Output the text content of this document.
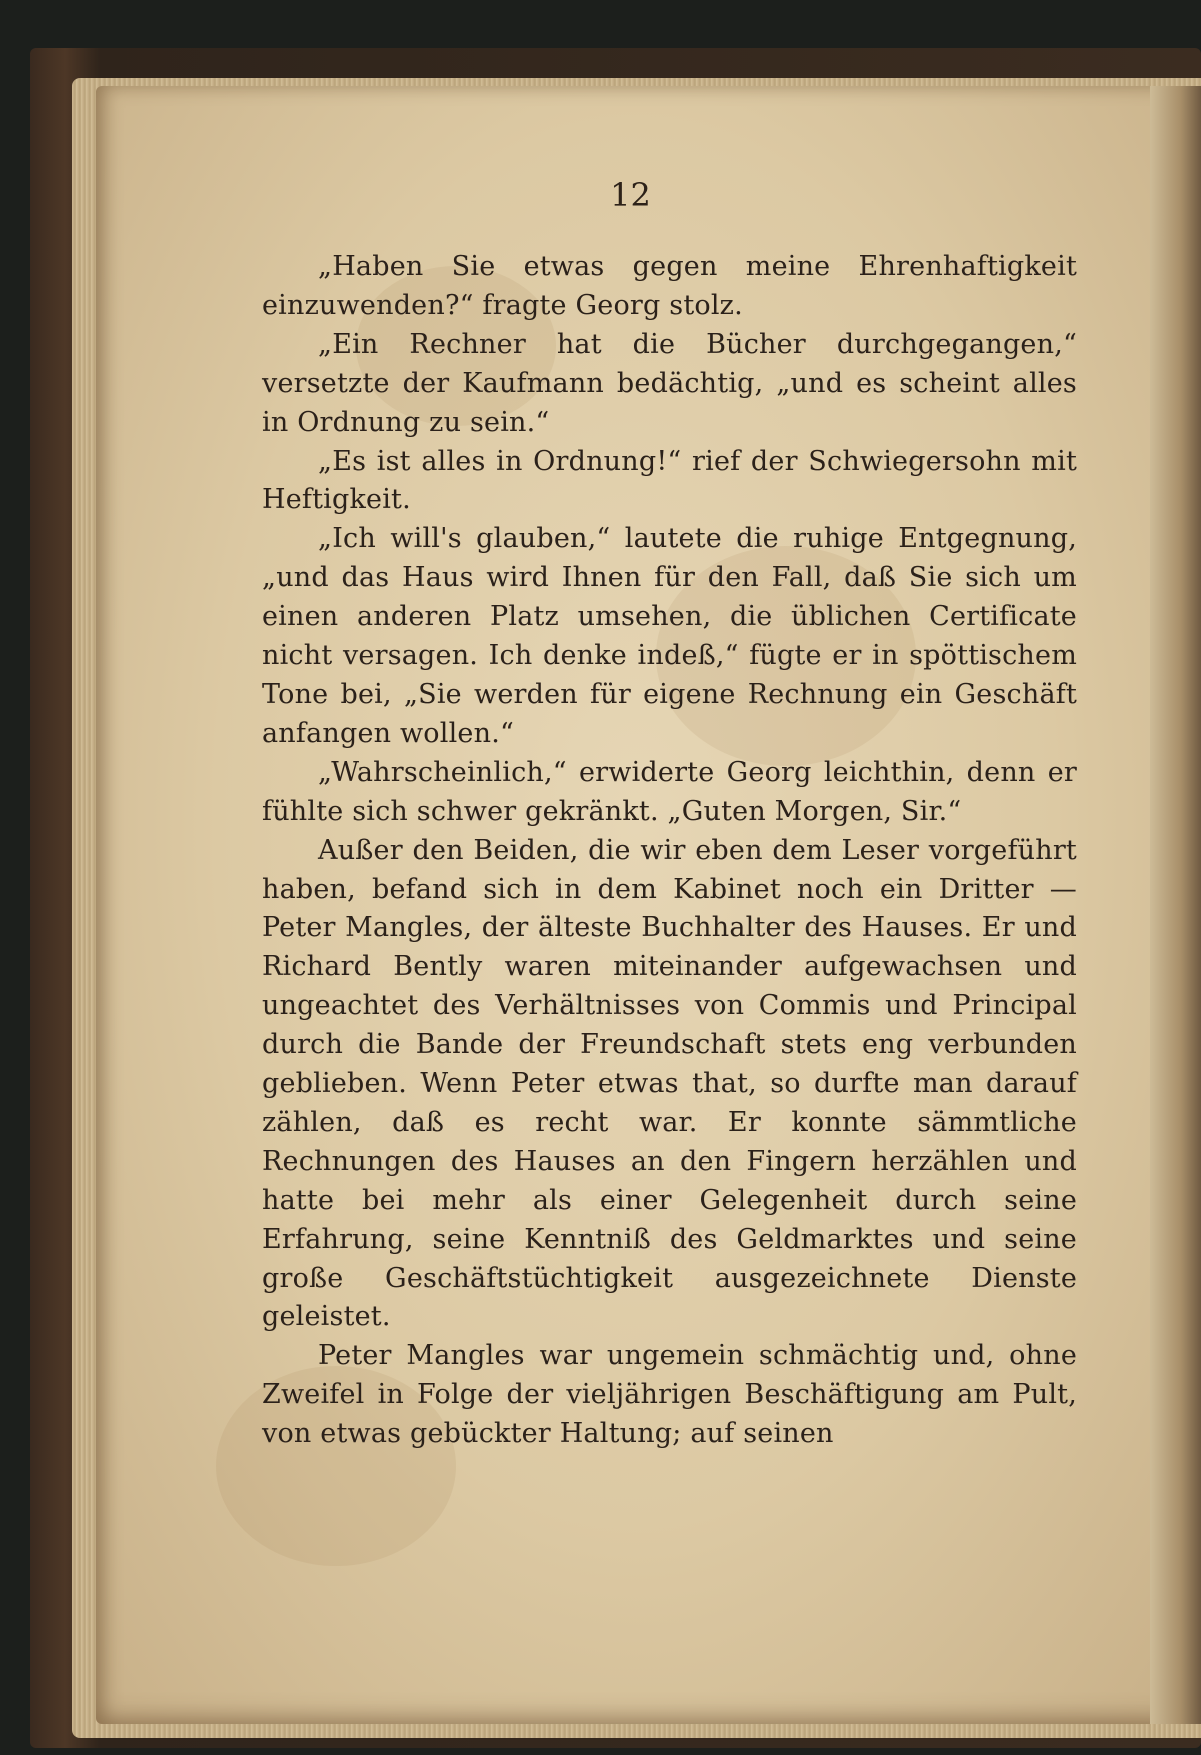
12

„Haben Sie etwas gegen meine Ehrenhaftigkeit einzuwenden?“ fragte Georg stolz.

„Ein Rechner hat die Bücher durchgegangen,“ versetzte der Kaufmann bedächtig, „und es scheint alles in Ordnung zu sein.“

„Es ist alles in Ordnung!“ rief der Schwiegersohn mit Heftigkeit.

„Ich will's glauben,“ lautete die ruhige Entgegnung, „und das Haus wird Ihnen für den Fall, daß Sie sich um einen anderen Platz umsehen, die üblichen Certificate nicht versagen. Ich denke indeß,“ fügte er in spöttischem Tone bei, „Sie werden für eigene Rechnung ein Geschäft anfangen wollen.“

„Wahrscheinlich,“ erwiderte Georg leichthin, denn er fühlte sich schwer gekränkt. „Guten Morgen, Sir.“

Außer den Beiden, die wir eben dem Leser vorgeführt haben, befand sich in dem Kabinet noch ein Dritter — Peter Mangles, der älteste Buchhalter des Hauses. Er und Richard Bently waren miteinander aufgewachsen und ungeachtet des Verhältnisses von Commis und Principal durch die Bande der Freundschaft stets eng verbunden geblieben. Wenn Peter etwas that, so durfte man darauf zählen, daß es recht war. Er konnte sämmtliche Rechnungen des Hauses an den Fingern herzählen und hatte bei mehr als einer Gelegenheit durch seine Erfahrung, seine Kenntniß des Geldmarktes und seine große Geschäftstüchtigkeit ausgezeichnete Dienste geleistet.

Peter Mangles war ungemein schmächtig und, ohne Zweifel in Folge der vieljährigen Beschäftigung am Pult, von etwas gebückter Haltung; auf seinen
